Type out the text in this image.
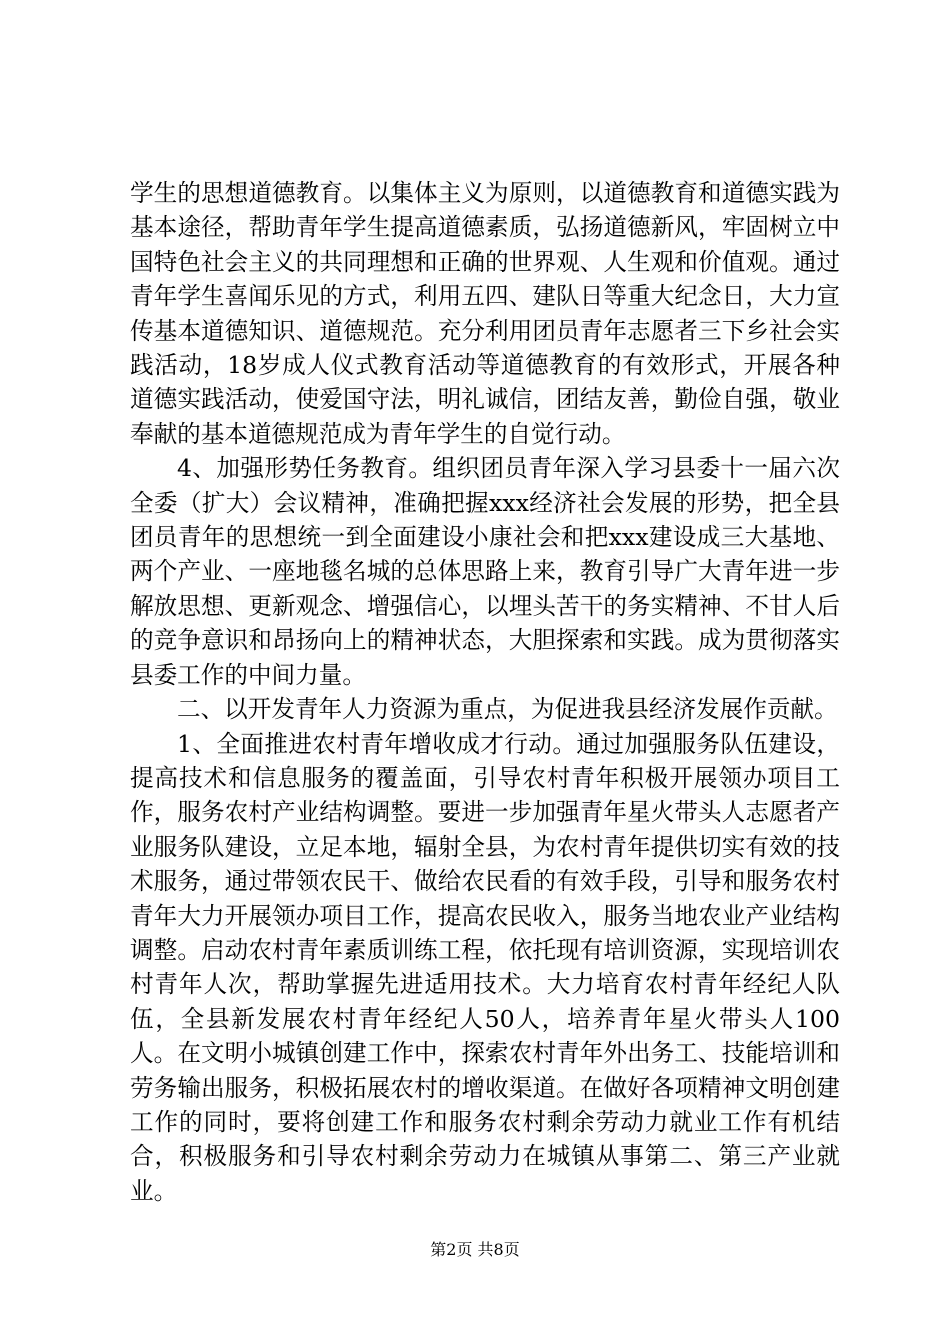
学生的思想道德教育。以集体主义为原则，以道德教育和道德实践为基本途径，帮助青年学生提高道德素质，弘扬道德新风，牢固树立中国特色社会主义的共同理想和正确的世界观、人生观和价值观。通过青年学生喜闻乐见的方式，利用五四、建队日等重大纪念日，大力宣传基本道德知识、道德规范。充分利用团员青年志愿者三下乡社会实践活动，18岁成人仪式教育活动等道德教育的有效形式，开展各种道德实践活动，使爱国守法，明礼诚信，团结友善，勤俭自强，敬业奉献的基本道德规范成为青年学生的自觉行动。

4、加强形势任务教育。组织团员青年深入学习县委十一届六次全委（扩大）会议精神，准确把握xxx经济社会发展的形势，把全县团员青年的思想统一到全面建设小康社会和把xxx建设成三大基地、两个产业、一座地毯名城的总体思路上来，教育引导广大青年进一步解放思想、更新观念、增强信心，以埋头苦干的务实精神、不甘人后的竞争意识和昂扬向上的精神状态，大胆探索和实践。成为贯彻落实县委工作的中间力量。

二、以开发青年人力资源为重点，为促进我县经济发展作贡献。

1、全面推进农村青年增收成才行动。通过加强服务队伍建设，提高技术和信息服务的覆盖面，引导农村青年积极开展领办项目工作，服务农村产业结构调整。要进一步加强青年星火带头人志愿者产业服务队建设，立足本地，辐射全县，为农村青年提供切实有效的技术服务，通过带领农民干、做给农民看的有效手段，引导和服务农村青年大力开展领办项目工作，提高农民收入，服务当地农业产业结构调整。启动农村青年素质训练工程，依托现有培训资源，实现培训农村青年人次，帮助掌握先进适用技术。大力培育农村青年经纪人队伍，全县新发展农村青年经纪人50人，培养青年星火带头人100人。在文明小城镇创建工作中，探索农村青年外出务工、技能培训和劳务输出服务，积极拓展农村的增收渠道。在做好各项精神文明创建工作的同时，要将创建工作和服务农村剩余劳动力就业工作有机结合，积极服务和引导农村剩余劳动力在城镇从事第二、第三产业就业。

第2页 共8页
